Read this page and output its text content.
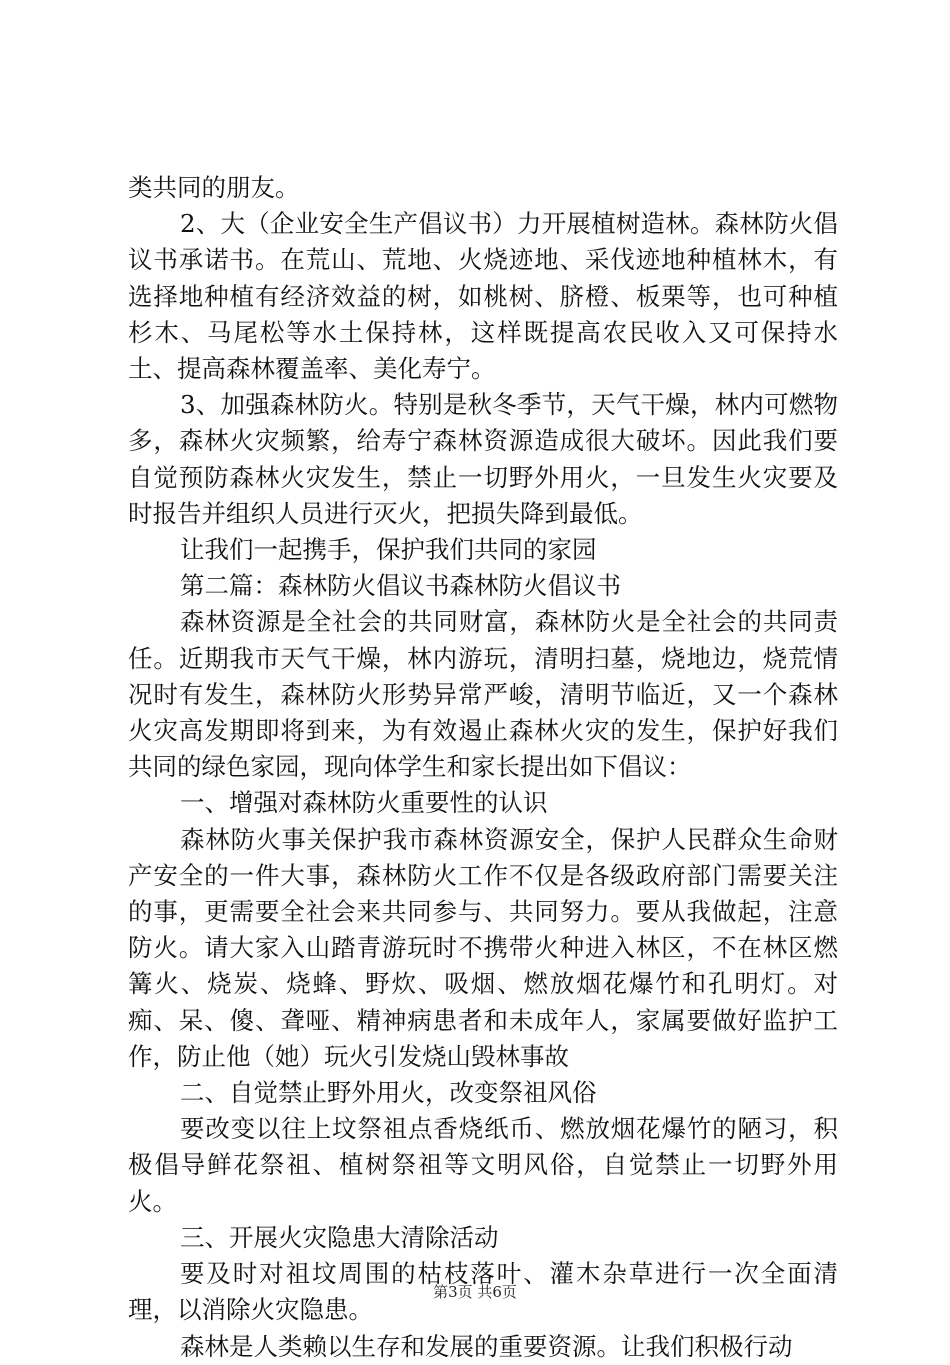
类共同的朋友。

2、大（企业安全生产倡议书）力开展植树造林。森林防火倡议书承诺书。在荒山、荒地、火烧迹地、采伐迹地种植林木，有选择地种植有经济效益的树，如桃树、脐橙、板栗等，也可种植杉木、马尾松等水土保持林，这样既提高农民收入又可保持水土、提高森林覆盖率、美化寿宁。

3、加强森林防火。特别是秋冬季节，天气干燥，林内可燃物多，森林火灾频繁，给寿宁森林资源造成很大破坏。因此我们要自觉预防森林火灾发生，禁止一切野外用火，一旦发生火灾要及时报告并组织人员进行灭火，把损失降到最低。

让我们一起携手，保护我们共同的家园

第二篇：森林防火倡议书森林防火倡议书

森林资源是全社会的共同财富，森林防火是全社会的共同责任。近期我市天气干燥，林内游玩，清明扫墓，烧地边，烧荒情况时有发生，森林防火形势异常严峻，清明节临近，又一个森林火灾高发期即将到来，为有效遏止森林火灾的发生，保护好我们共同的绿色家园，现向体学生和家长提出如下倡议：

一、增强对森林防火重要性的认识

森林防火事关保护我市森林资源安全，保护人民群众生命财产安全的一件大事，森林防火工作不仅是各级政府部门需要关注的事，更需要全社会来共同参与、共同努力。要从我做起，注意防火。请大家入山踏青游玩时不携带火种进入林区，不在林区燃篝火、烧炭、烧蜂、野炊、吸烟、燃放烟花爆竹和孔明灯。对痴、呆、傻、聋哑、精神病患者和未成年人，家属要做好监护工作，防止他（她）玩火引发烧山毁林事故

二、自觉禁止野外用火，改变祭祖风俗

要改变以往上坟祭祖点香烧纸币、燃放烟花爆竹的陋习，积极倡导鲜花祭祖、植树祭祖等文明风俗，自觉禁止一切野外用火。

三、开展火灾隐患大清除活动

要及时对祖坟周围的枯枝落叶、灌木杂草进行一次全面清理，以消除火灾隐患。

森林是人类赖以生存和发展的重要资源。让我们积极行动

第3页 共6页
